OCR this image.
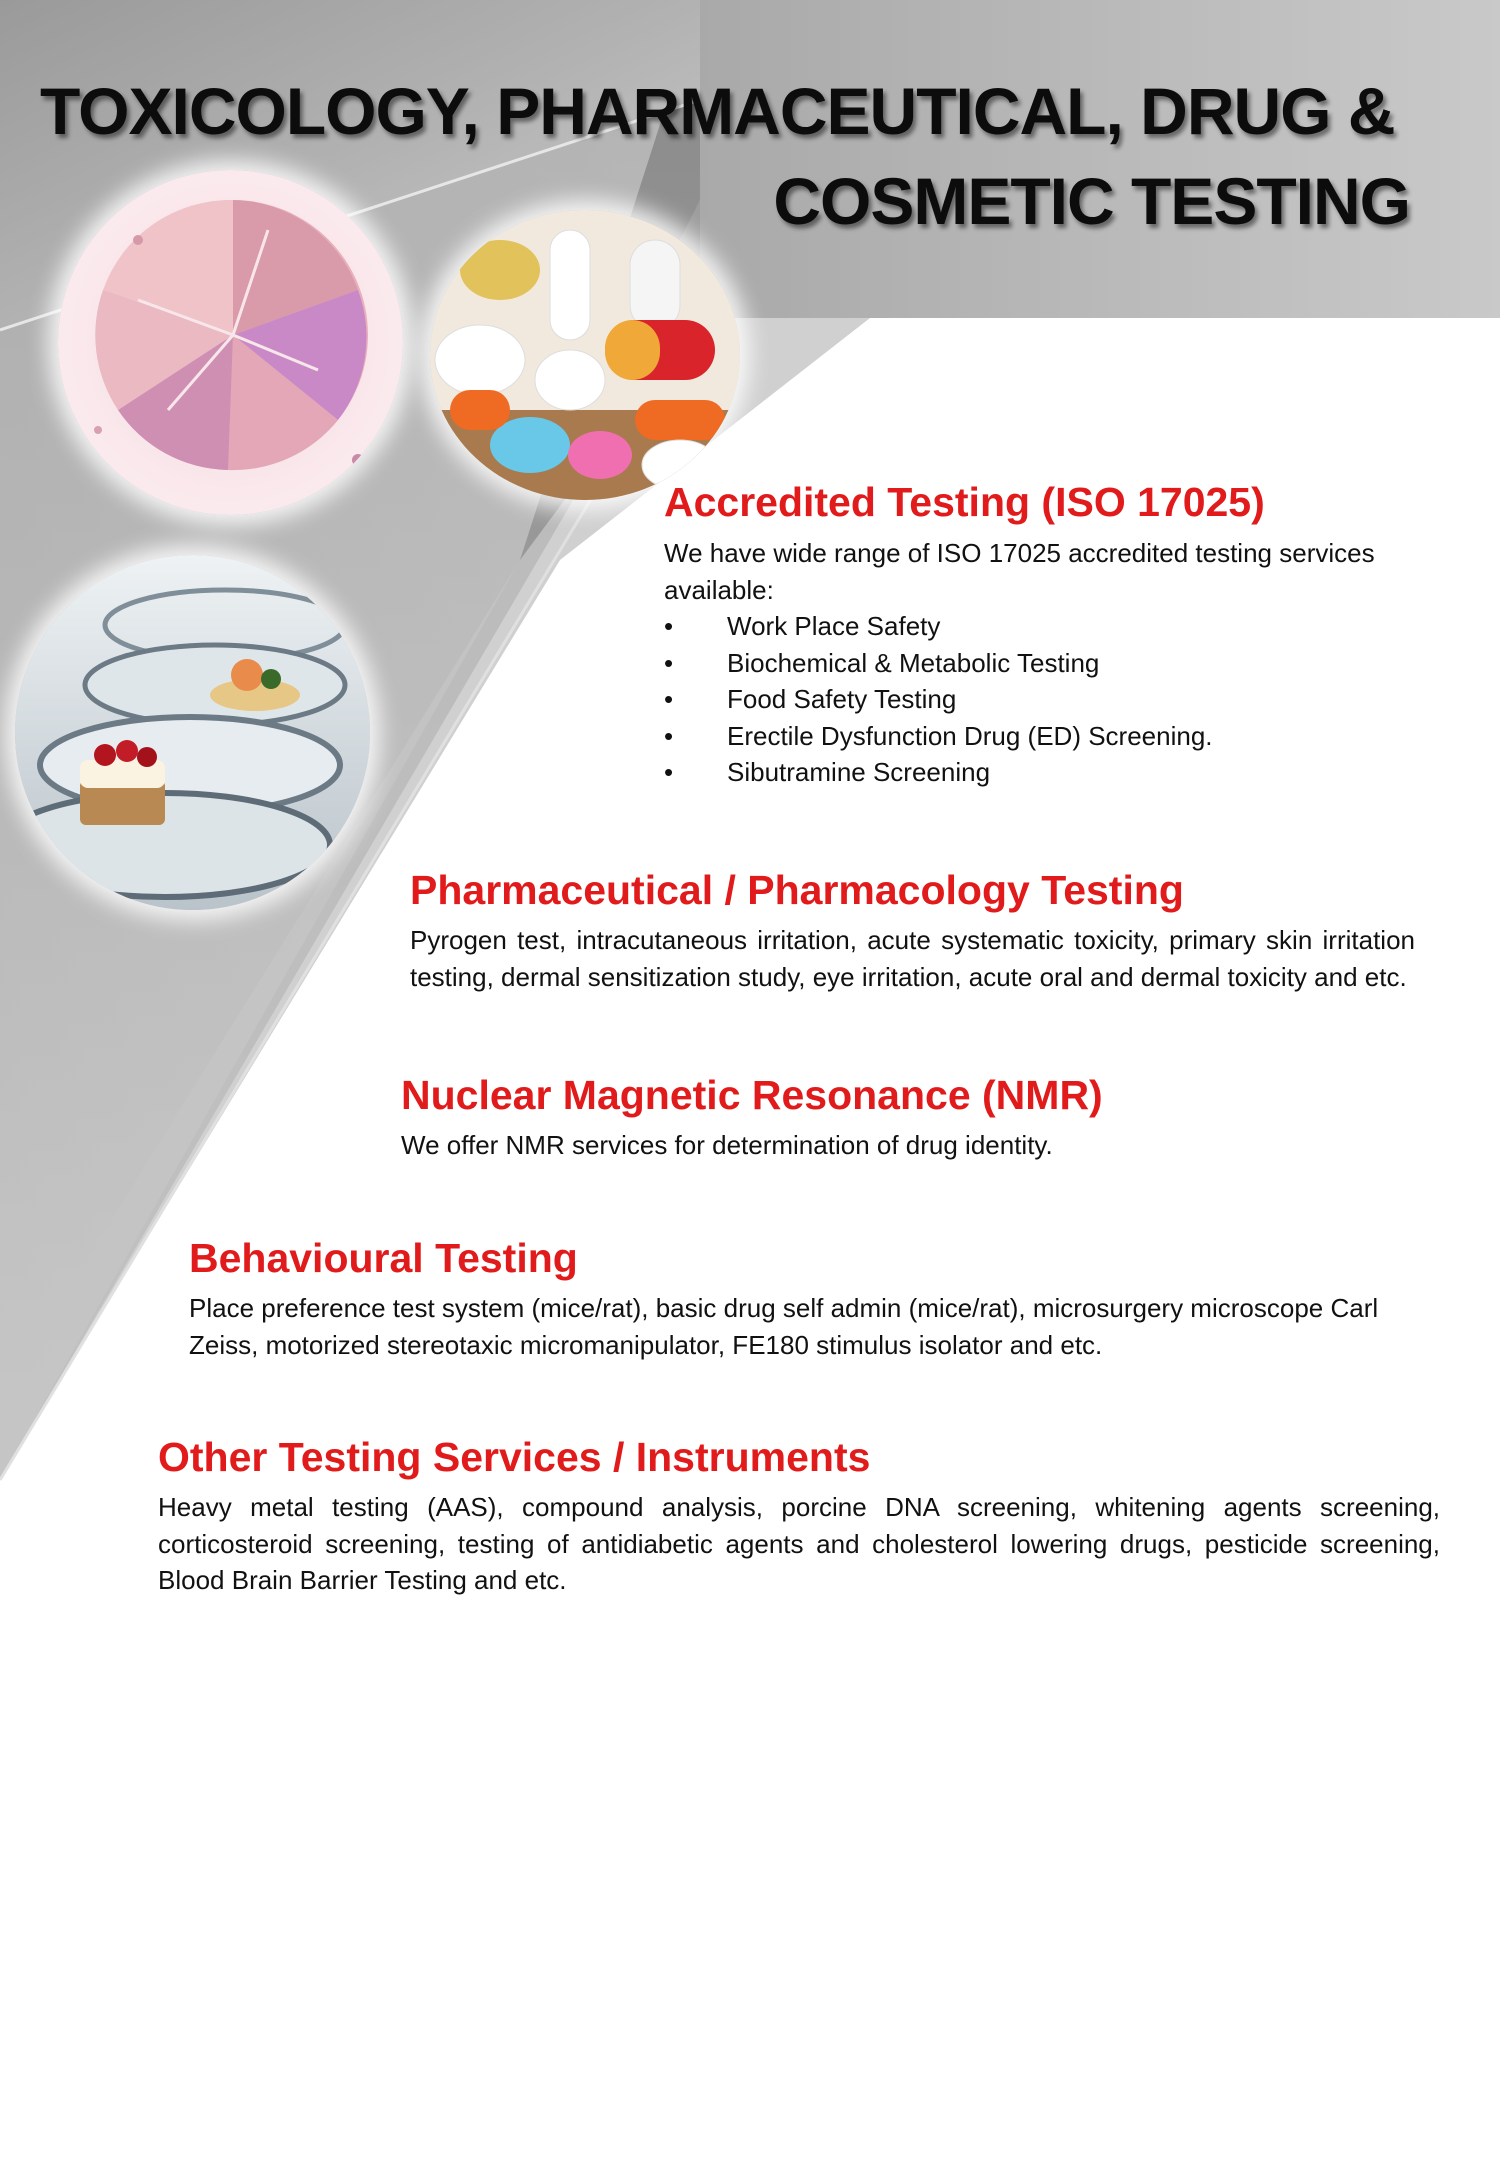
TOXICOLOGY, PHARMACEUTICAL, DRUG &
COSMETIC TESTING
Accredited Testing (ISO 17025)
We have wide range of ISO 17025 accredited testing services available:
• Work Place Safety
• Biochemical & Metabolic Testing
• Food Safety Testing
• Erectile Dysfunction Drug (ED) Screening.
• Sibutramine Screening
Pharmaceutical / Pharmacology Testing
Pyrogen test, intracutaneous irritation, acute systematic toxicity, primary skin irritation testing, dermal sensitization study, eye irritation, acute oral and dermal toxicity and etc.
Nuclear Magnetic Resonance (NMR)
We offer NMR services for determination of drug identity.
Behavioural Testing
Place preference test system (mice/rat), basic drug self admin (mice/rat), microsurgery microscope Carl Zeiss, motorized stereotaxic micromanipulator, FE180 stimulus isolator and etc.
Other Testing Services / Instruments
Heavy metal testing (AAS), compound analysis, porcine DNA screening, whitening agents screening, corticosteroid screening, testing of antidiabetic agents and cholesterol lowering drugs, pesticide screening, Blood Brain Barrier Testing and etc.
